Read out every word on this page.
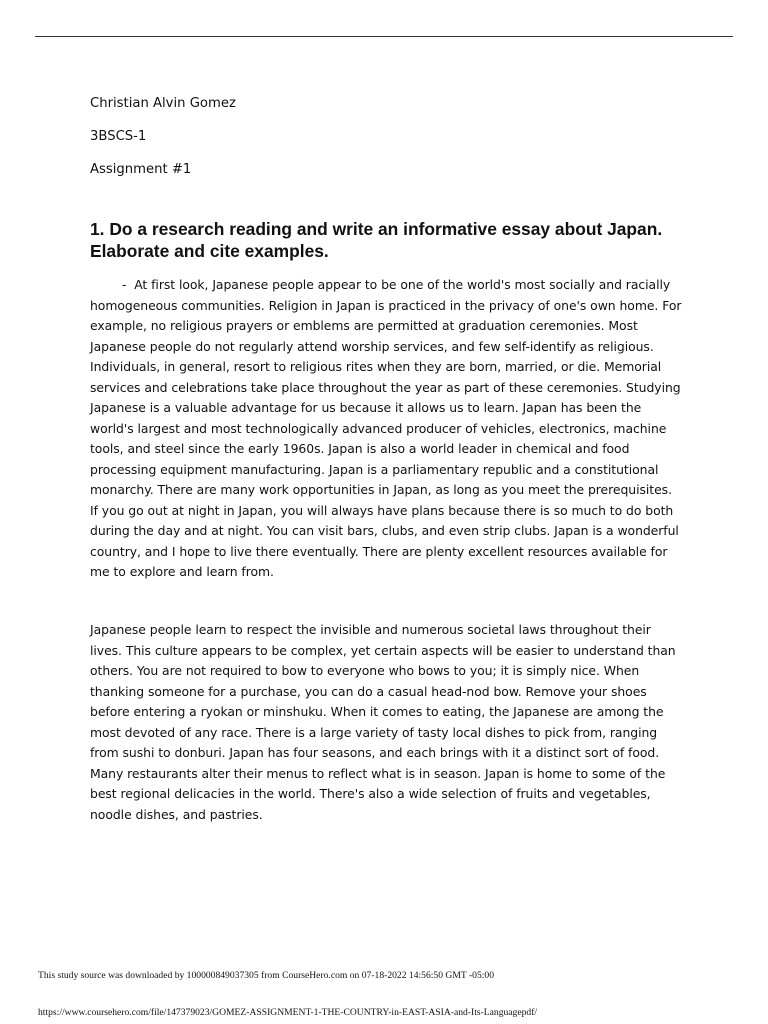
Christian Alvin Gomez
3BSCS-1
Assignment #1
1. Do a research reading and write an informative essay about Japan. Elaborate and cite examples.

- At first look, Japanese people appear to be one of the world's most socially and racially homogeneous communities. Religion in Japan is practiced in the privacy of one's own home. For example, no religious prayers or emblems are permitted at graduation ceremonies. Most Japanese people do not regularly attend worship services, and few self-identify as religious. Individuals, in general, resort to religious rites when they are born, married, or die. Memorial services and celebrations take place throughout the year as part of these ceremonies. Studying Japanese is a valuable advantage for us because it allows us to learn. Japan has been the world's largest and most technologically advanced producer of vehicles, electronics, machine tools, and steel since the early 1960s. Japan is also a world leader in chemical and food processing equipment manufacturing. Japan is a parliamentary republic and a constitutional monarchy. There are many work opportunities in Japan, as long as you meet the prerequisites. If you go out at night in Japan, you will always have plans because there is so much to do both during the day and at night. You can visit bars, clubs, and even strip clubs. Japan is a wonderful country, and I hope to live there eventually. There are plenty excellent resources available for me to explore and learn from.

Japanese people learn to respect the invisible and numerous societal laws throughout their lives. This culture appears to be complex, yet certain aspects will be easier to understand than others. You are not required to bow to everyone who bows to you; it is simply nice. When thanking someone for a purchase, you can do a casual head-nod bow. Remove your shoes before entering a ryokan or minshuku. When it comes to eating, the Japanese are among the most devoted of any race. There is a large variety of tasty local dishes to pick from, ranging from sushi to donburi. Japan has four seasons, and each brings with it a distinct sort of food. Many restaurants alter their menus to reflect what is in season. Japan is home to some of the best regional delicacies in the world. There's also a wide selection of fruits and vegetables, noodle dishes, and pastries.

This study source was downloaded by 100000849037305 from CourseHero.com on 07-18-2022 14:56:50 GMT -05:00
https://www.coursehero.com/file/147379023/GOMEZ-ASSIGNMENT-1-THE-COUNTRY-in-EAST-ASIA-and-Its-Languagepdf/
